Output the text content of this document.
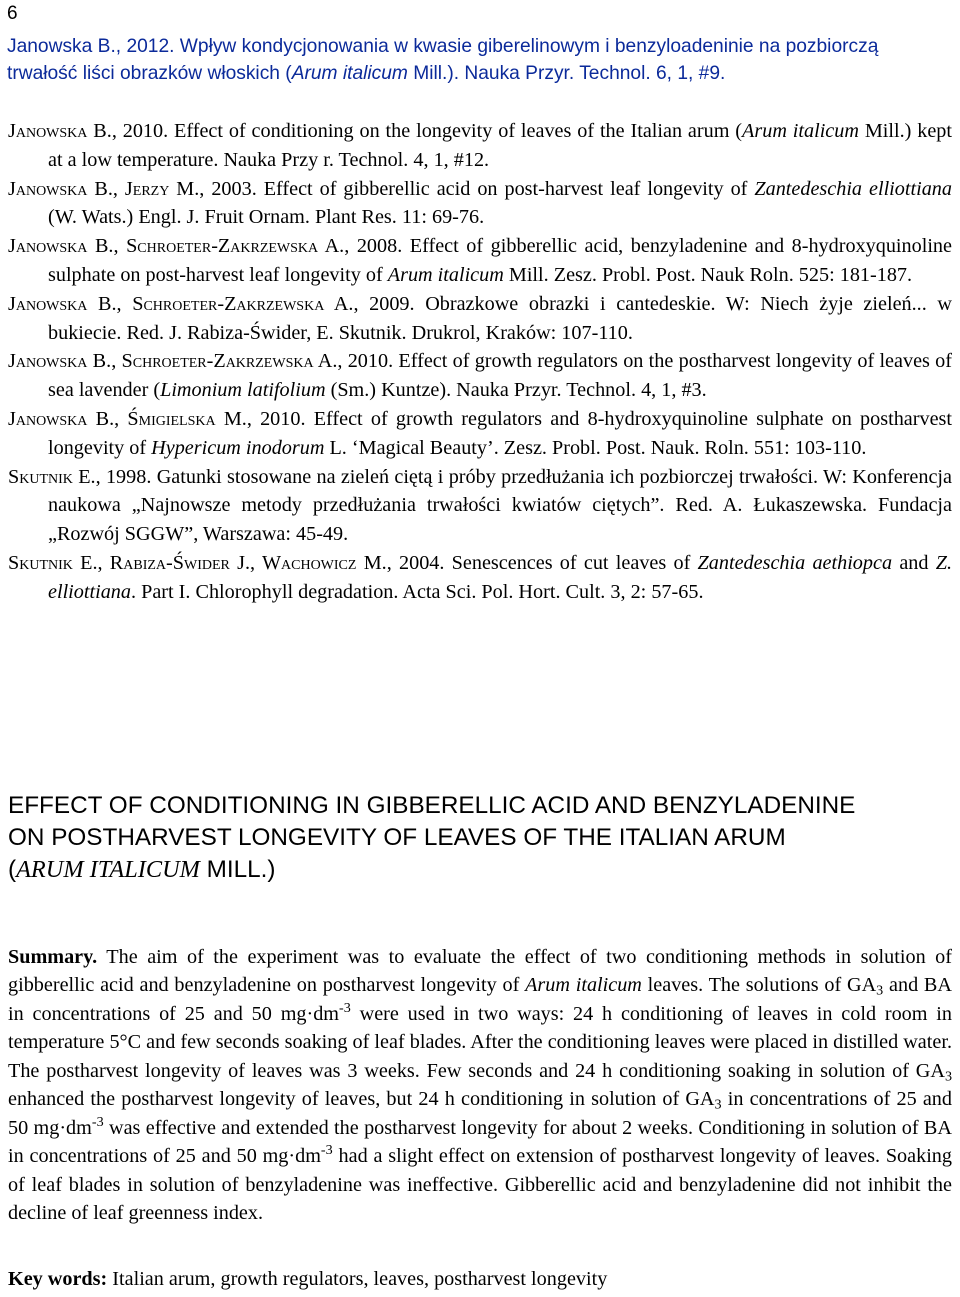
6
Janowska B., 2012. Wpływ kondycjonowania w kwasie giberelinowym i benzyloadeninie na pozbiorczą trwałość liści obrazków włoskich (Arum italicum Mill.). Nauka Przyr. Technol. 6, 1, #9.
Janowska B., 2010. Effect of conditioning on the longevity of leaves of the Italian arum (Arum italicum Mill.) kept at a low temperature. Nauka Przy r. Technol. 4, 1, #12.
Janowska B., Jerzy M., 2003. Effect of gibberellic acid on post-harvest leaf longevity of Zantedeschia elliottiana (W. Wats.) Engl. J. Fruit Ornam. Plant Res. 11: 69-76.
Janowska B., Schroeter-Zakrzewska A., 2008. Effect of gibberellic acid, benzyladenine and 8-hydroxyquinoline sulphate on post-harvest leaf longevity of Arum italicum Mill. Zesz. Probl. Post. Nauk Roln. 525: 181-187.
Janowska B., Schroeter-Zakrzewska A., 2009. Obrazkowe obrazki i cantedeskie. W: Niech żyje zieleń... w bukiecie. Red. J. Rabiza-Świder, E. Skutnik. Drukrol, Kraków: 107-110.
Janowska B., Schroeter-Zakrzewska A., 2010. Effect of growth regulators on the postharvest longevity of leaves of sea lavender (Limonium latifolium (Sm.) Kuntze). Nauka Przyr. Technol. 4, 1, #3.
Janowska B., Śmigielska M., 2010. Effect of growth regulators and 8-hydroxyquinoline sulphate on postharvest longevity of Hypericum inodorum L. ‘Magical Beauty’. Zesz. Probl. Post. Nauk. Roln. 551: 103-110.
Skutnik E., 1998. Gatunki stosowane na zieleń ciętą i próby przedłużania ich pozbiorczej trwałości. W: Konferencja naukowa „Najnowsze metody przedłużania trwałości kwiatów ciętych”. Red. A. Łukaszewska. Fundacja „Rozwój SGGW”, Warszawa: 45-49.
Skutnik E., Rabiza-Świder J., Wachowicz M., 2004. Senescences of cut leaves of Zantedeschia aethiopca and Z. elliottiana. Part I. Chlorophyll degradation. Acta Sci. Pol. Hort. Cult. 3, 2: 57-65.
EFFECT OF CONDITIONING IN GIBBERELLIC ACID AND BENZYLADENINE
ON POSTHARVEST LONGEVITY OF LEAVES OF THE ITALIAN ARUM
(ARUM ITALICUM MILL.)
Summary. The aim of the experiment was to evaluate the effect of two conditioning methods in solution of gibberellic acid and benzyladenine on postharvest longevity of Arum italicum leaves. The solutions of $GA_3$ and BA in concentrations of 25 and 50 $mg\cdot dm^{-3}$ were used in two ways: 24 h conditioning of leaves in cold room in temperature 5°C and few seconds soaking of leaf blades. After the conditioning leaves were placed in distilled water. The postharvest longevity of leaves was 3 weeks. Few seconds and 24 h conditioning soaking in solution of $GA_3$ enhanced the postharvest longevity of leaves, but 24 h conditioning in solution of $GA_3$ in concentrations of 25 and 50 $mg\cdot dm^{-3}$ was effective and extended the postharvest longevity for about 2 weeks. Conditioning in solution of BA in concentrations of 25 and 50 $mg\cdot dm^{-3}$ had a slight effect on extension of postharvest longevity of leaves. Soaking of leaf blades in solution of benzyladenine was ineffective. Gibberellic acid and benzyladenine did not inhibit the decline of leaf greenness index.
Key words: Italian arum, growth regulators, leaves, postharvest longevity
